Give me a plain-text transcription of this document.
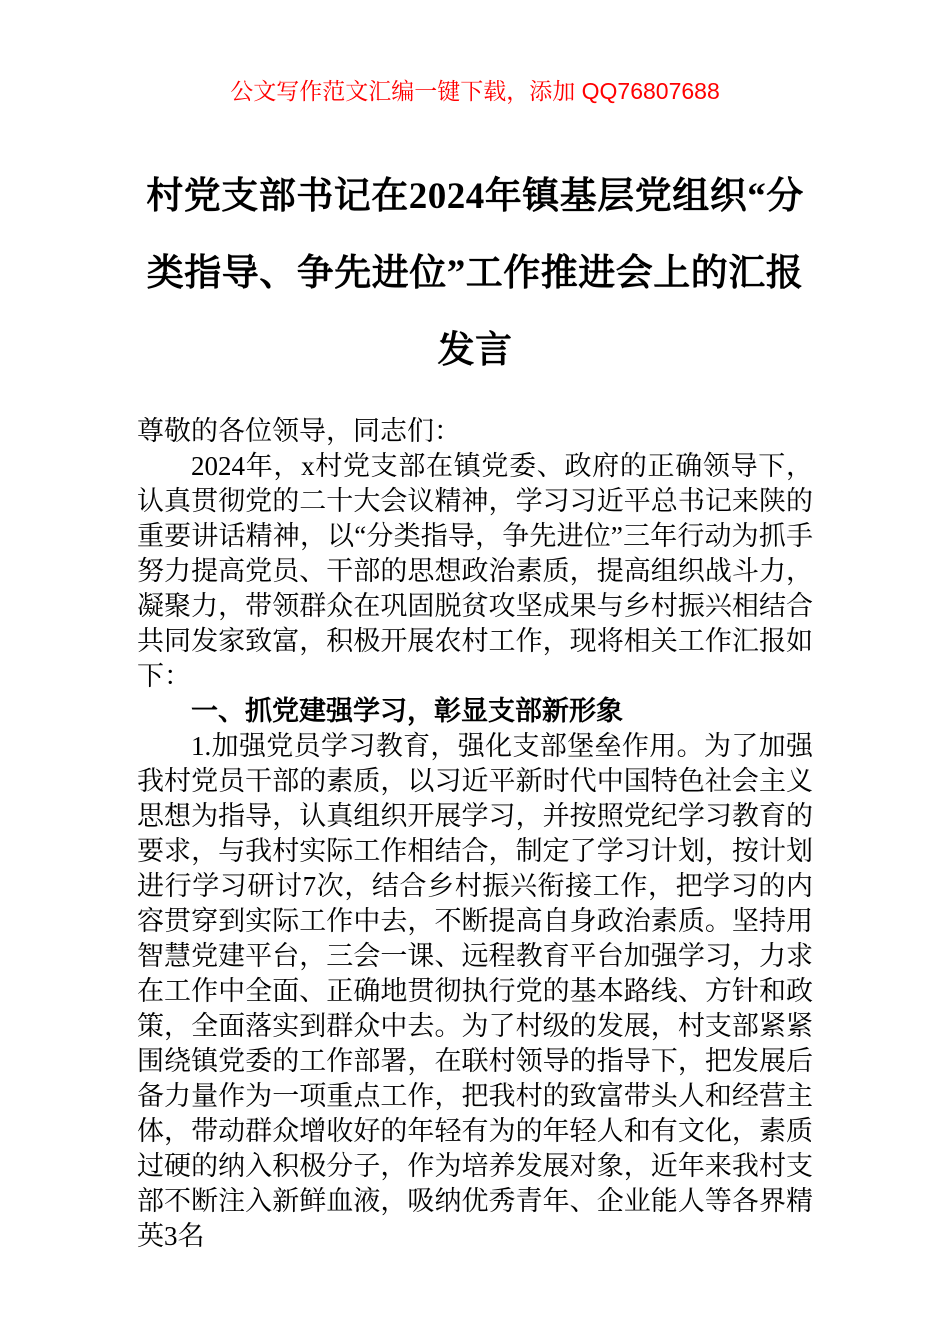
公文写作范文汇编一键下载，添加 QQ76807688
村党支部书记在2024年镇基层党组织“分类指导、争先进位”工作推进会上的汇报发言

尊敬的各位领导，同志们：

2024年，x村党支部在镇党委、政府的正确领导下，认真贯彻党的二十大会议精神，学习习近平总书记来陕的重要讲话精神，以“分类指导，争先进位”三年行动为抓手努力提高党员、干部的思想政治素质，提高组织战斗力，凝聚力，带领群众在巩固脱贫攻坚成果与乡村振兴相结合共同发家致富，积极开展农村工作，现将相关工作汇报如下：

一、抓党建强学习，彰显支部新形象

1.加强党员学习教育，强化支部堡垒作用。为了加强我村党员干部的素质，以习近平新时代中国特色社会主义思想为指导，认真组织开展学习，并按照党纪学习教育的要求，与我村实际工作相结合，制定了学习计划，按计划进行学习研讨7次，结合乡村振兴衔接工作，把学习的内容贯穿到实际工作中去，不断提高自身政治素质。坚持用智慧党建平台，三会一课、远程教育平台加强学习，力求在工作中全面、正确地贯彻执行党的基本路线、方针和政策，全面落实到群众中去。为了村级的发展，村支部紧紧围绕镇党委的工作部署，在联村领导的指导下，把发展后备力量作为一项重点工作，把我村的致富带头人和经营主体，带动群众增收好的年轻有为的年轻人和有文化，素质过硬的纳入积极分子，作为培养发展对象，近年来我村支部不断注入新鲜血液，吸纳优秀青年、企业能人等各界精英3名
